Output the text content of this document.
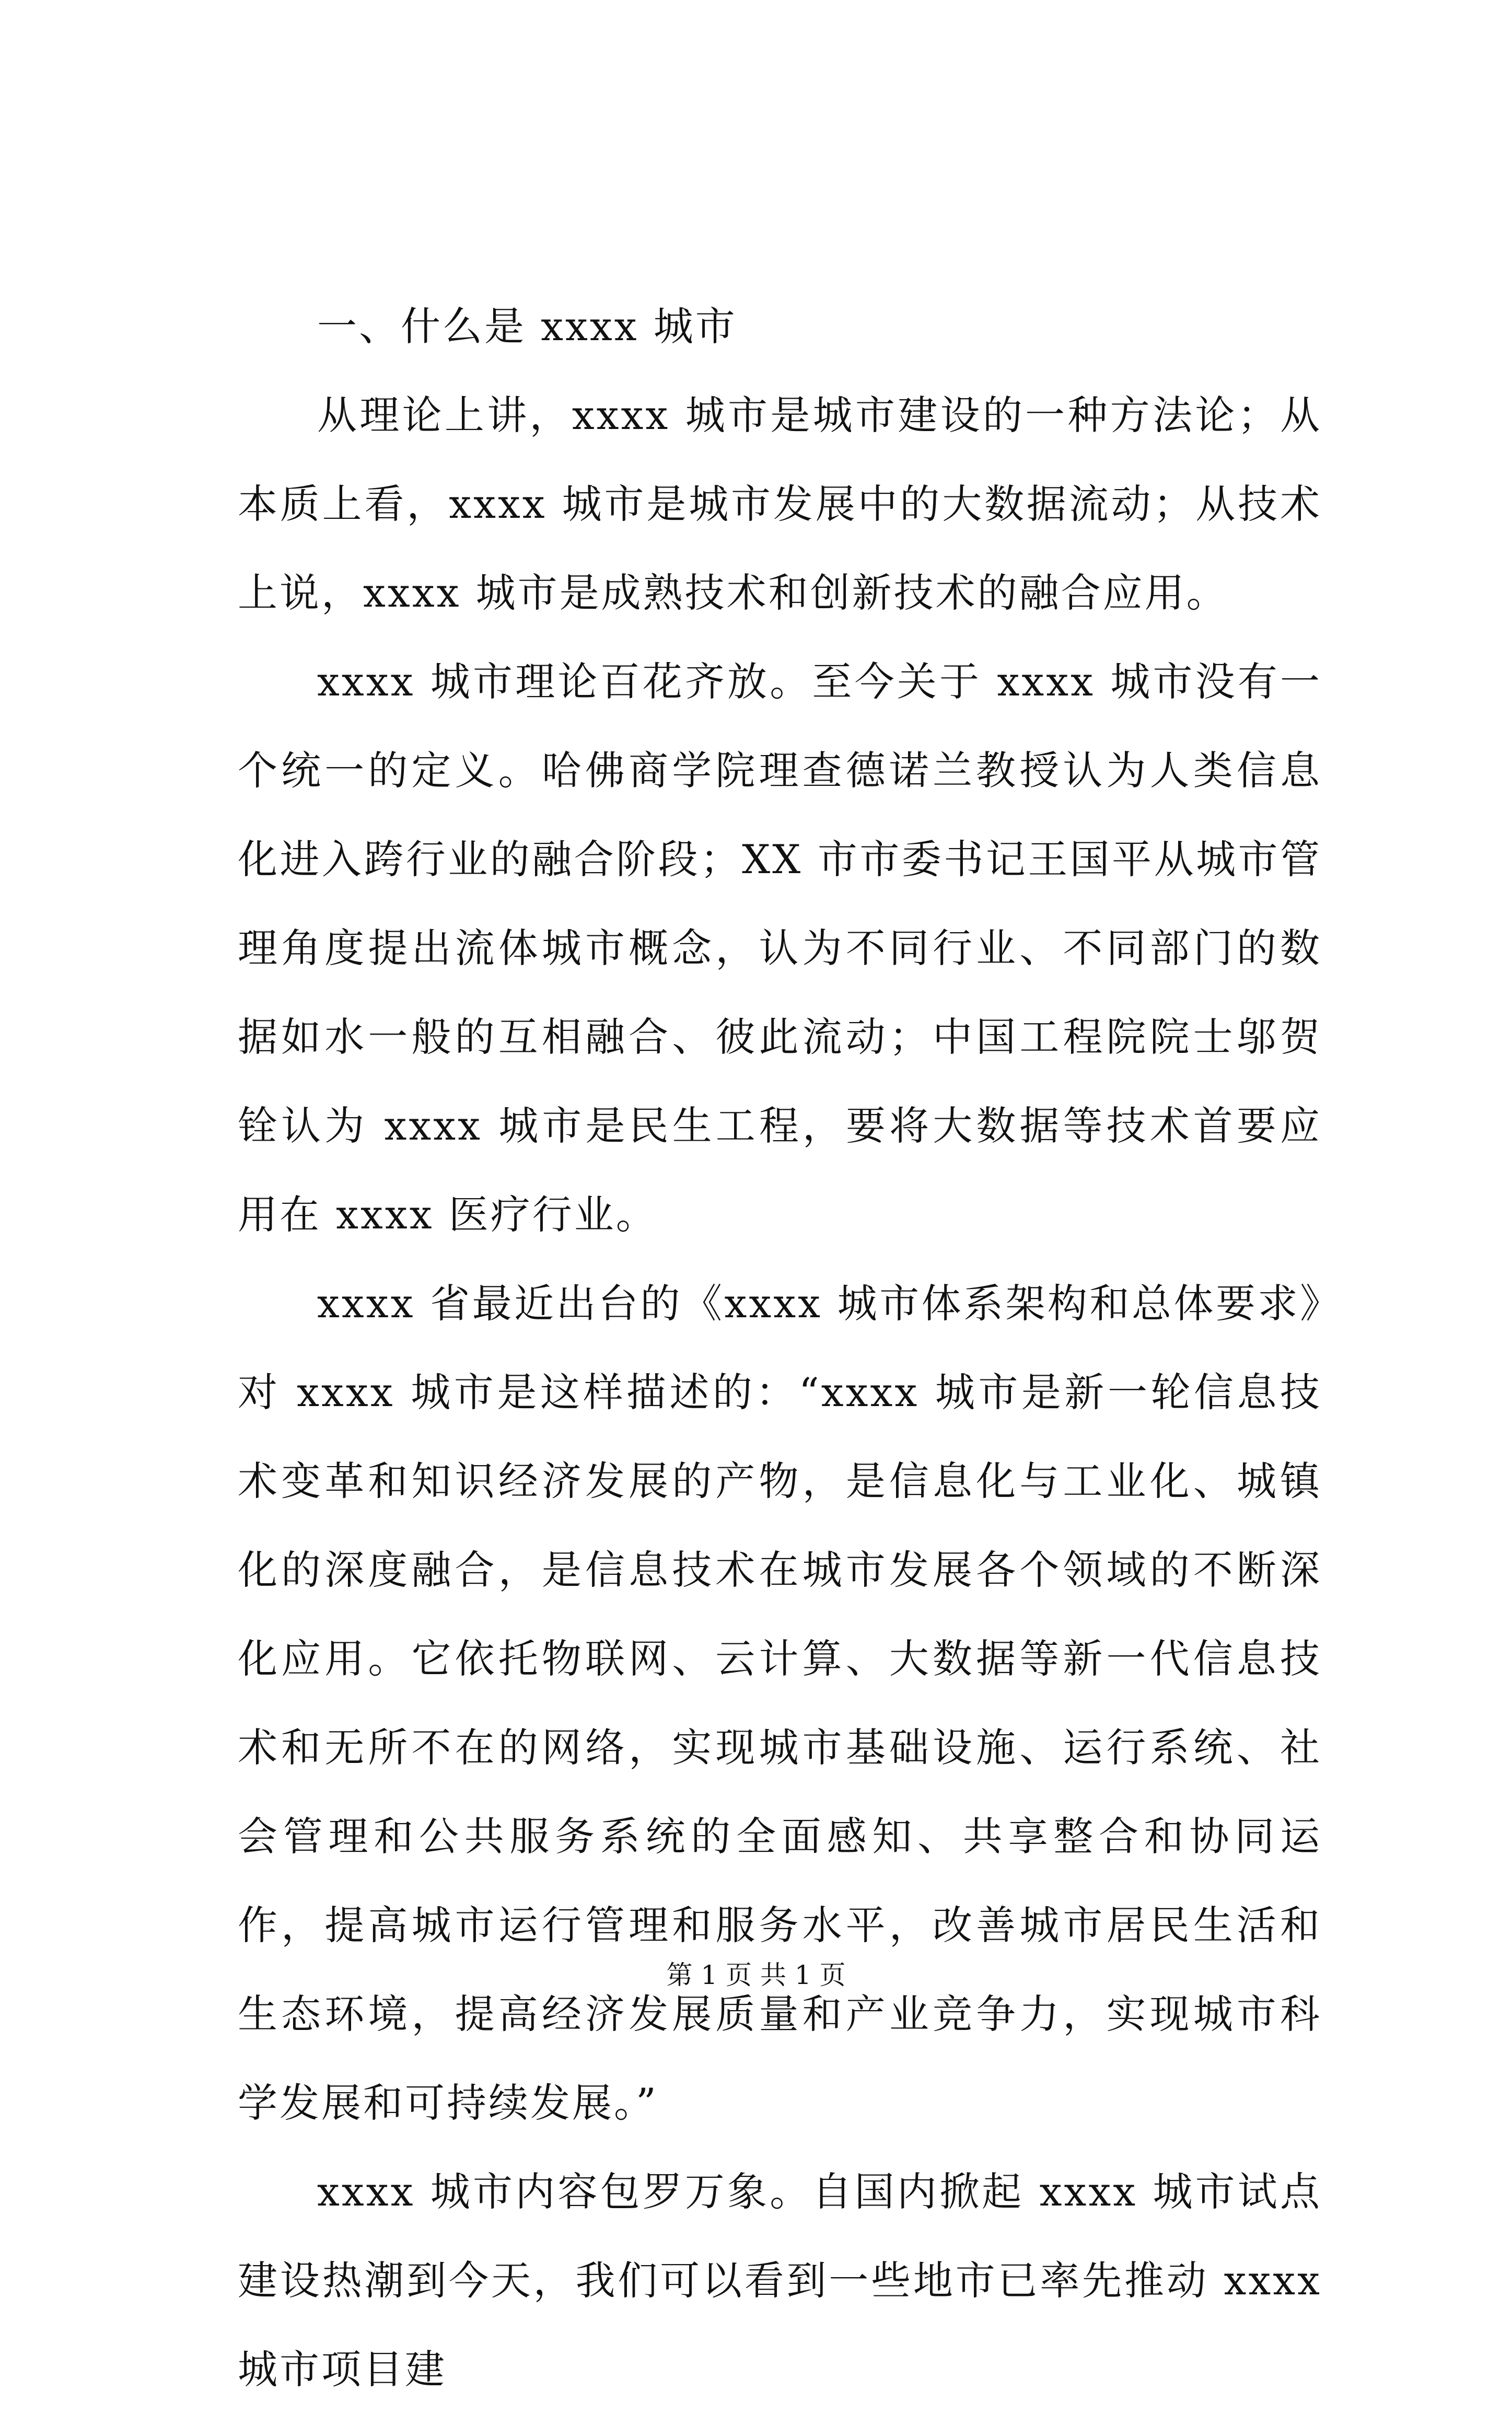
一、什么是 xxxx 城市

从理论上讲，xxxx 城市是城市建设的一种方法论；从本质上看，xxxx 城市是城市发展中的大数据流动；从技术上说，xxxx 城市是成熟技术和创新技术的融合应用。

xxxx 城市理论百花齐放。至今关于 xxxx 城市没有一个统一的定义。哈佛商学院理查德诺兰教授认为人类信息化进入跨行业的融合阶段；XX 市市委书记王国平从城市管理角度提出流体城市概念，认为不同行业、不同部门的数据如水一般的互相融合、彼此流动；中国工程院院士邬贺铨认为 xxxx 城市是民生工程，要将大数据等技术首要应用在 xxxx 医疗行业。

xxxx 省最近出台的《xxxx 城市体系架构和总体要求》对 xxxx 城市是这样描述的：“xxxx 城市是新一轮信息技术变革和知识经济发展的产物，是信息化与工业化、城镇化的深度融合，是信息技术在城市发展各个领域的不断深化应用。它依托物联网、云计算、大数据等新一代信息技术和无所不在的网络，实现城市基础设施、运行系统、社会管理和公共服务系统的全面感知、共享整合和协同运作，提高城市运行管理和服务水平，改善城市居民生活和生态环境，提高经济发展质量和产业竞争力，实现城市科学发展和可持续发展。”

xxxx 城市内容包罗万象。自国内掀起 xxxx 城市试点建设热潮到今天，我们可以看到一些地市已率先推动 xxxx 城市项目建

第 1 页 共 1 页
